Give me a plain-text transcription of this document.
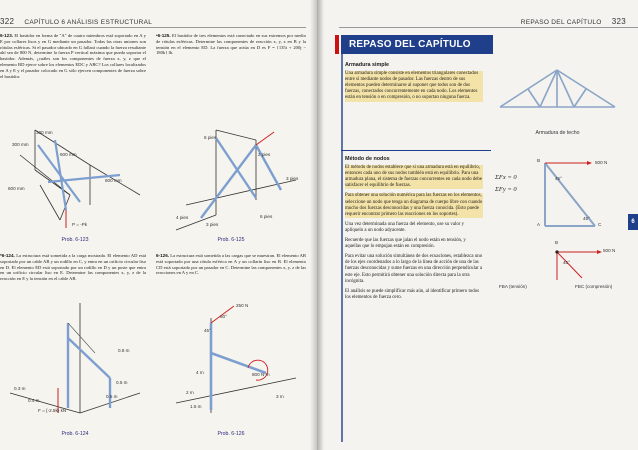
322 CAPÍTULO 6 ANÁLISIS ESTRUCTURAL
6-123. El bastidor en forma de "A" de cuatro miembros está soportado en A y E por collares lisos y en G mediante un pasador. Todas las otras uniones son rótulas esféricas. Si el pasador ubicado en G fallará cuando la fuerza resultante ahí sea de 800 N, determine la fuerza P vertical máxima que pueda soportar el bastidor. Además, ¿cuáles son los componentes de fuerza x, y, z que el elemento BD ejerce sobre los elementos EDC y ABC? Los collares localizados en A y E y el pasador colocado en G sólo ejercen componentes de fuerza sobre el bastidor.
•6-125. El bastidor de tres elementos está conectado en sus extremos por medio de rótulas esféricas. Determine las componentes de reacción x, y, z en B y la tensión en el elemento ED. La fuerza que actúa en D es F = {135i + 200j − 180k} lb.
300 mm
300 mm
600 mm
600 mm
600 mm
P = -Pk
Prob. 6-123
6 pies
2 pies
3 pies
4 pies
3 pies
6 pies
Prob. 6-125
*6-124. La estructura está sometida a la carga mostrada. El elemento AD está soportado por un cable AB y un rodillo en C, y entra en un orificio circular liso en D. El elemento ED está soportado por un rodillo en D y un poste que entra en un orificio circular liso en E. Determine las componentes x, y, z de la reacción en E y la tensión en el cable AB.
6-126. La estructura está sometida a las cargas que se muestran. El elemento AB está soportado por una rótula esférica en A y un collarín liso en B. El elemento CD está soportado por un pasador en C. Determine las componentes x, y, z de las reacciones en A y en C.
0.8 m
0.5 m
0.5 m
0.4 m
0.3 m
F = {-2.5k} kN
Prob. 6-124
250 N
60°
45°
800 N·m
4 m
2 m
1.5 m
3 m
Prob. 6-126
REPASO DEL CAPÍTULO 323
REPASO DEL CAPÍTULO
Armadura simple

Una armadura simple consiste en elementos triangulares conectados entre sí mediante nodos de pasador. Las fuerzas dentro de sus elementos pueden determinarse al suponer que todos son de dos fuerzas, conectados concurrentemente en cada nodo. Los elementos están en tensión o en compresión, o no soportan ninguna fuerza.

Armadura de techo
Método de nodos

El método de nodos establece que si una armadura está en equilibrio, entonces cada uno de sus nodos también está en equilibrio. Para una armadura plana, el sistema de fuerzas concurrentes en cada nodo debe satisfacer el equilibrio de fuerzas.

Para obtener una solución numérica para las fuerzas en los elementos, seleccione un nodo que tenga un diagrama de cuerpo libre con cuando mucho dos fuerzas desconocidas y una fuerza conocida. (Esto puede requerir encontrar primero las reacciones en los soportes).

Una vez determinada una fuerza del elemento, use su valor y aplíquelo a un nodo adyacente.

Recuerde que las fuerzas que jalan el nodo están en tensión, y aquellas que lo empujan están en compresión.

Para evitar una solución simultánea de dos ecuaciones, establezca uno de los ejes coordenados a lo largo de la línea de acción de una de las fuerzas desconocidas y sume fuerzas en una dirección perpendicular a este eje. Esto permitirá obtener una solución directa para la otra incógnita.

El análisis se puede simplificar más aún, al identificar primero todos los elementos de fuerza cero.

ΣFx = 0
ΣFy = 0
500 N
45°
45°
A
B
C
500 N
B
45°
FBA (tensión)	FBC (compresión)
6
